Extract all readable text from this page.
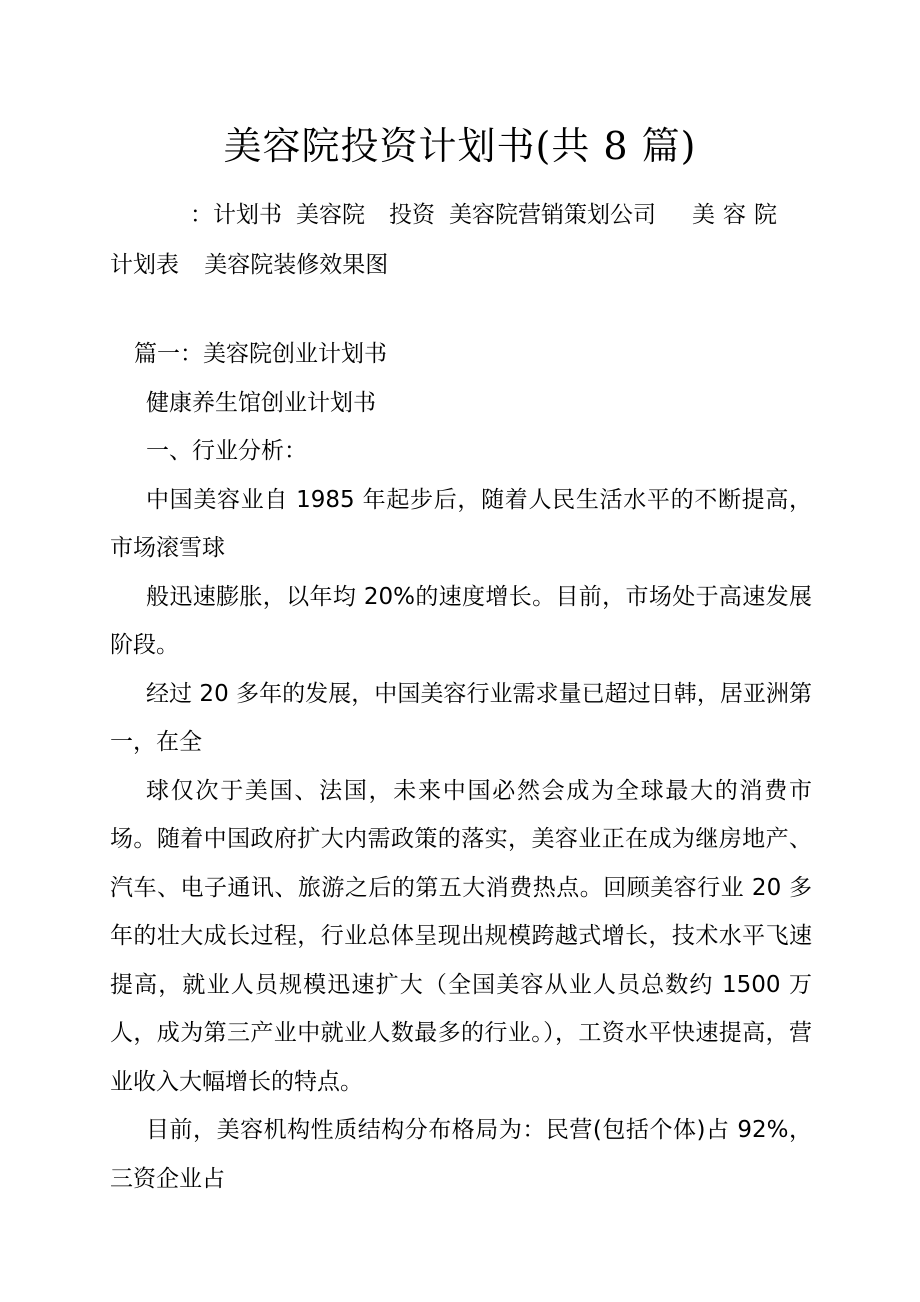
美容院投资计划书(共 8 篇)
：计划书 美容院 投资 美容院营销策划公司 美容院
计划表 美容院装修效果图

篇一：美容院创业计划书

健康养生馆创业计划书

一、行业分析：

中国美容业自 1985 年起步后，随着人民生活水平的不断提高，市场滚雪球

般迅速膨胀，以年均 20%的速度增长。目前，市场处于高速发展阶段。

经过 20 多年的发展，中国美容行业需求量已超过日韩，居亚洲第一，在全

球仅次于美国、法国，未来中国必然会成为全球最大的消费市场。随着中国政府扩大内需政策的落实，美容业正在成为继房地产、汽车、电子通讯、旅游之后的第五大消费热点。回顾美容行业 20 多年的壮大成长过程，行业总体呈现出规模跨越式增长，技术水平飞速提高，就业人员规模迅速扩大（全国美容从业人员总数约 1500 万人，成为第三产业中就业人数最多的行业。），工资水平快速提高，营业收入大幅增长的特点。

目前，美容机构性质结构分布格局为：民营(包括个体)占 92%，三资企业占
